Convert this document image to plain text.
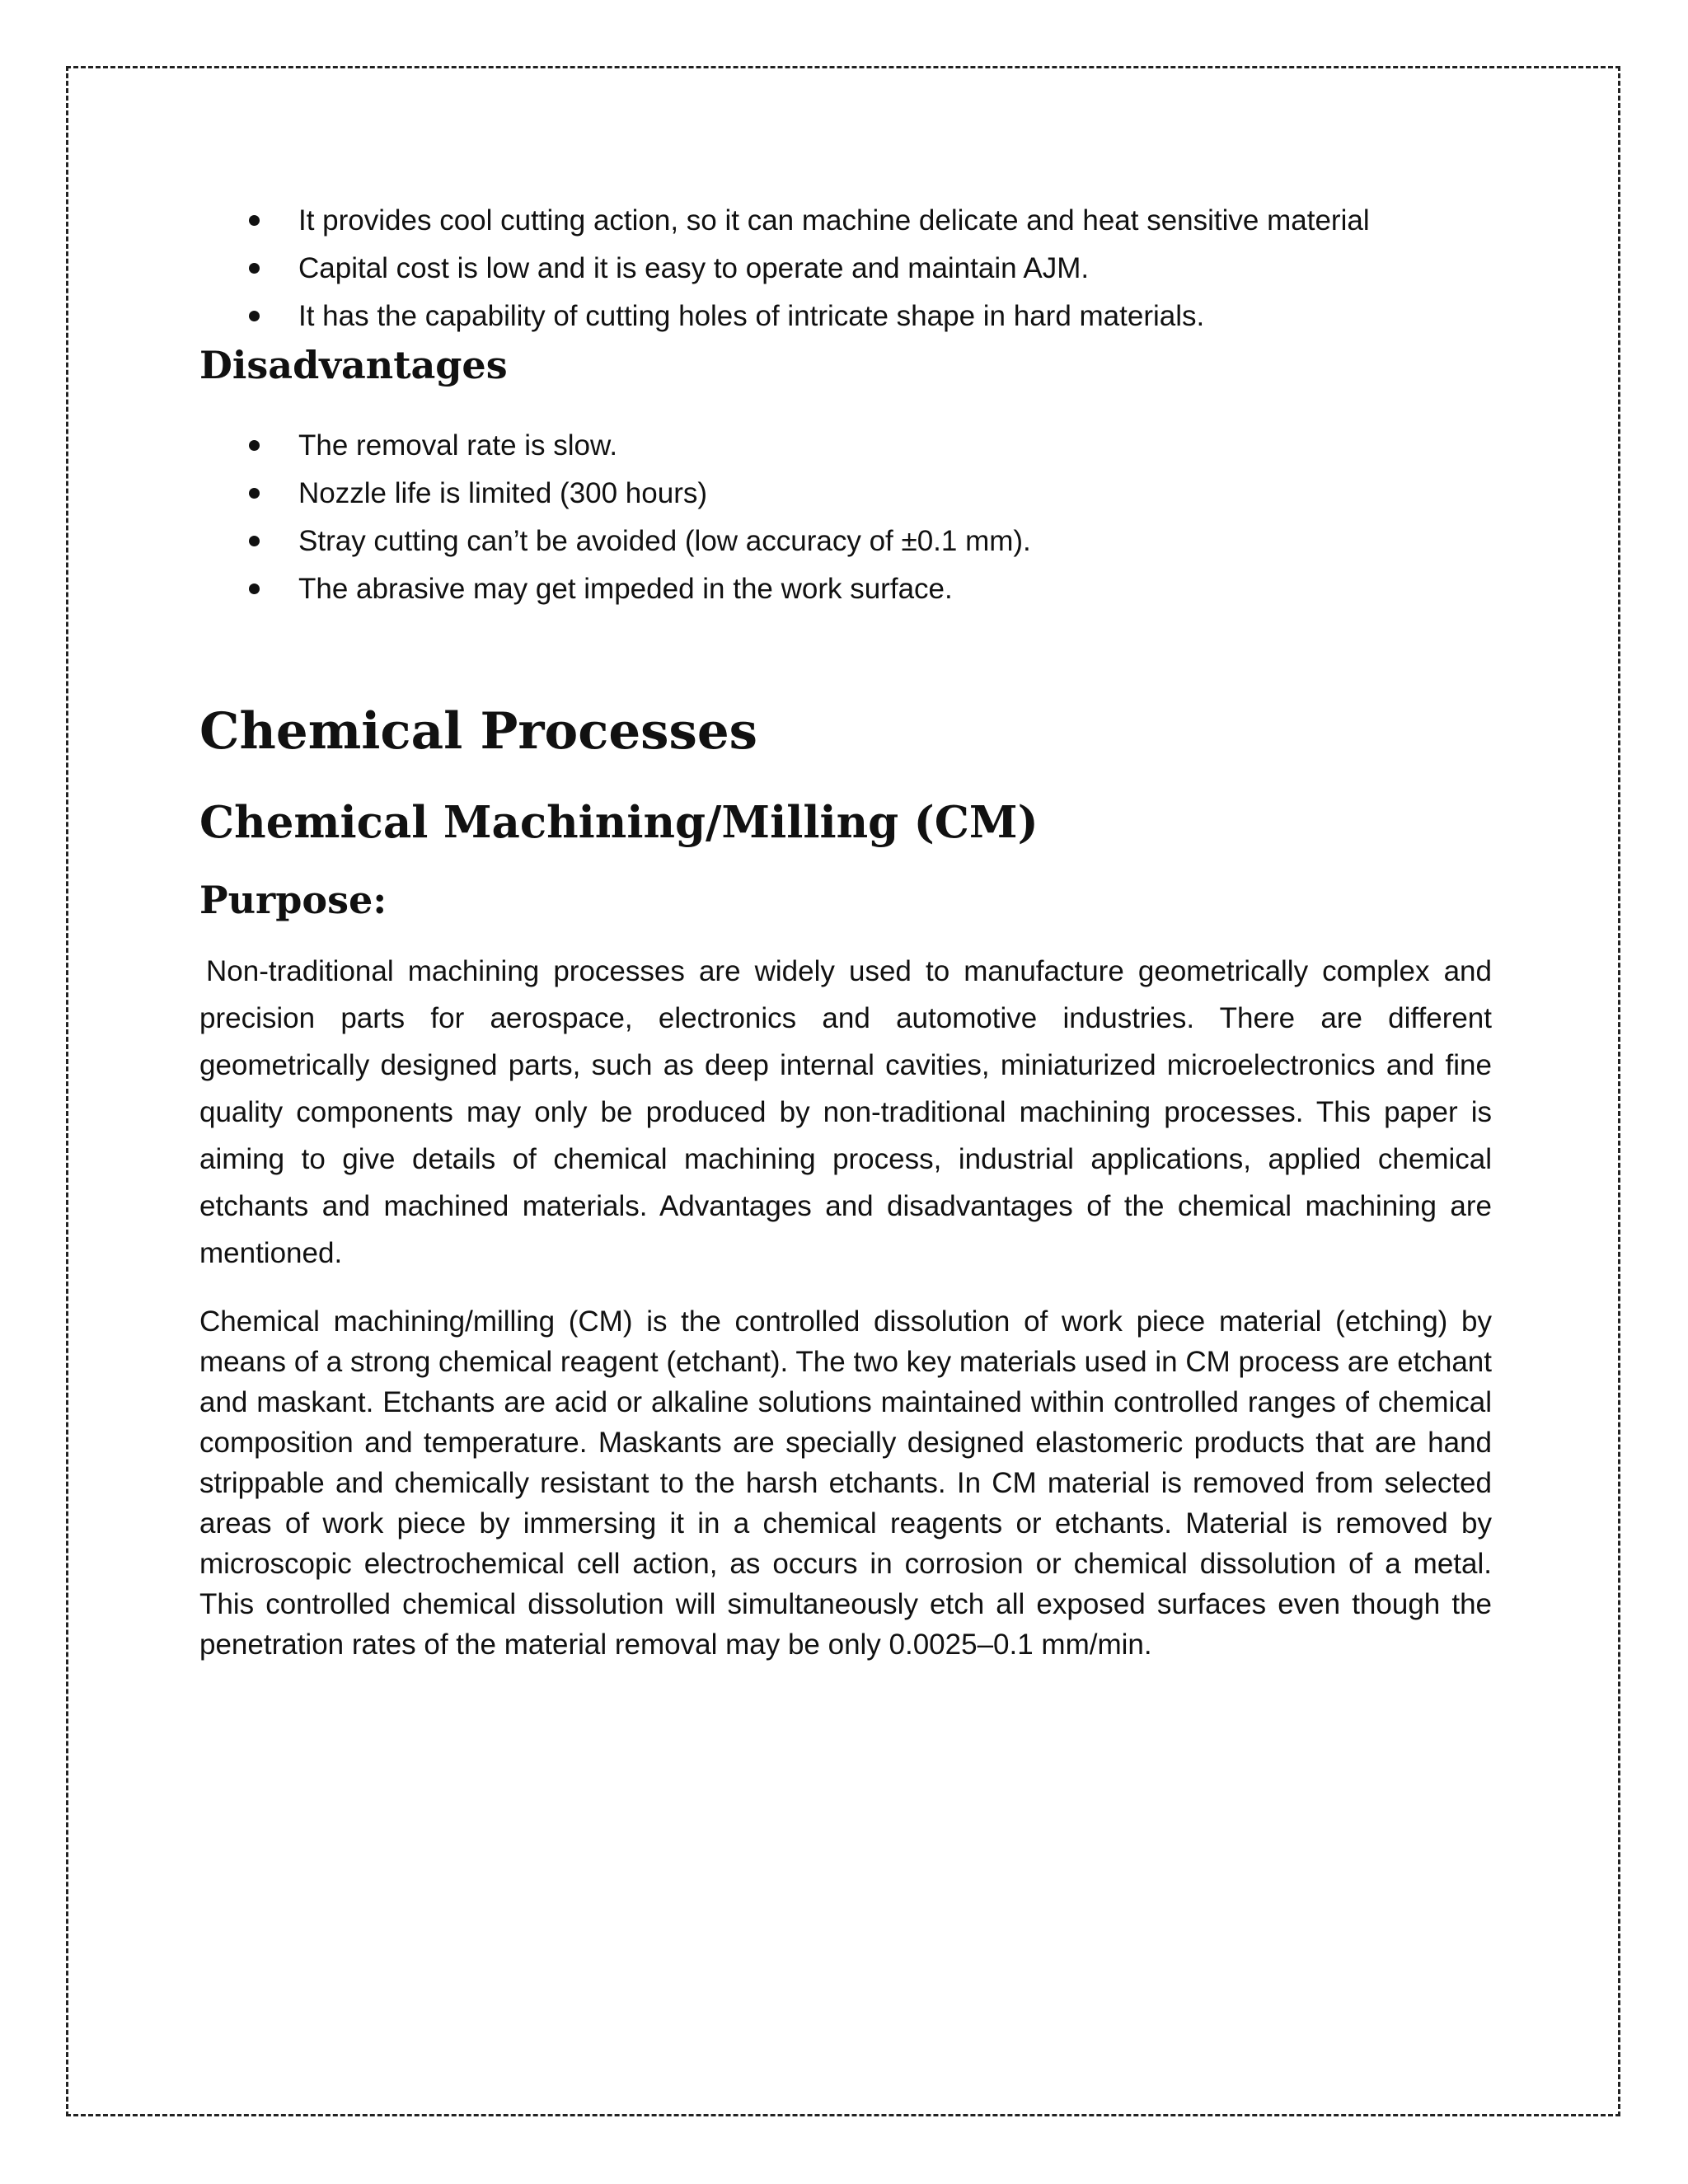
It provides cool cutting action, so it can machine delicate and heat sensitive material
Capital cost is low and it is easy to operate and maintain AJM.
It has the capability of cutting holes of intricate shape in hard materials.
Disadvantages
The removal rate is slow.
Nozzle life is limited (300 hours)
Stray cutting can’t be avoided (low accuracy of ±0.1 mm).
The abrasive may get impeded in the work surface.
Chemical Processes
Chemical Machining/Milling (CM)
Purpose:

Non-traditional machining processes are widely used to manufacture geometrically complex and precision parts for aerospace, electronics and automotive industries. There are different geometrically designed parts, such as deep internal cavities, miniaturized microelectronics and fine quality components may only be produced by non-traditional machining processes. This paper is aiming to give details of chemical machining process, industrial applications, applied chemical etchants and machined materials. Advantages and disadvantages of the chemical machining are mentioned.

Chemical machining/milling (CM) is the controlled dissolution of work piece material (etching) by means of a strong chemical reagent (etchant). The two key materials used in CM process are etchant and maskant. Etchants are acid or alkaline solutions maintained within controlled ranges of chemical composition and temperature. Maskants are specially designed elastomeric products that are hand strippable and chemically resistant to the harsh etchants. In CM material is removed from selected areas of work piece by immersing it in a chemical reagents or etchants. Material is removed by microscopic electrochemical cell action, as occurs in corrosion or chemical dissolution of a metal. This controlled chemical dissolution will simultaneously etch all exposed surfaces even though the penetration rates of the material removal may be only 0.0025–0.1 mm/min.
